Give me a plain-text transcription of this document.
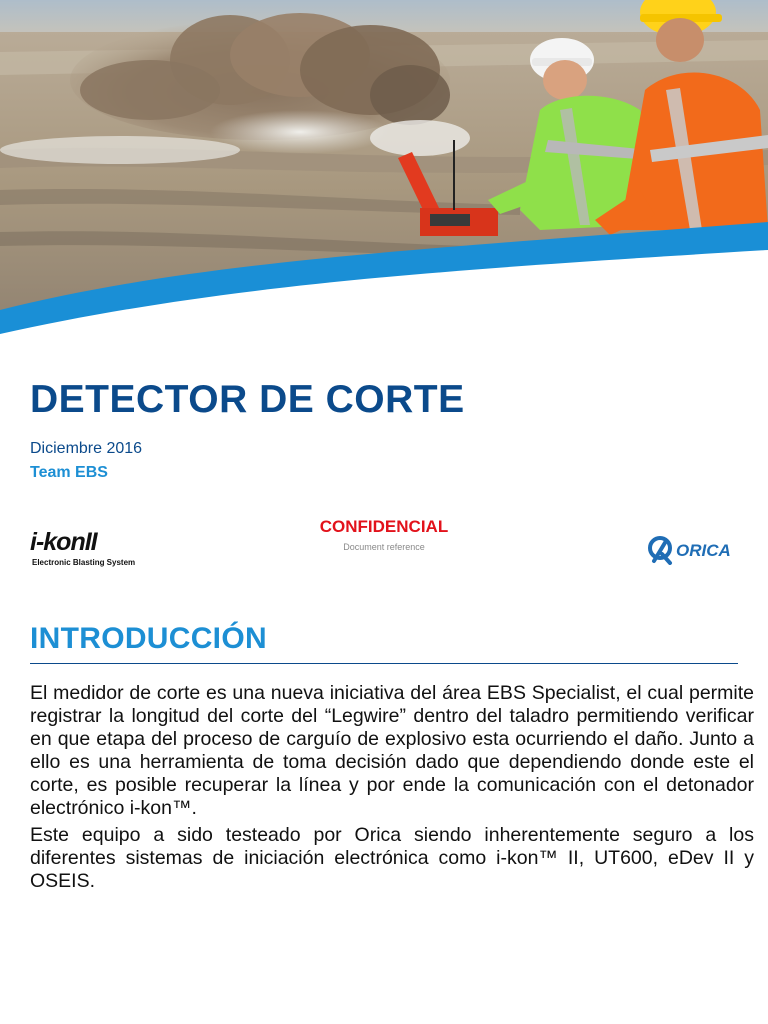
DETECTOR DE CORTE
Diciembre 2016
Team EBS
i-konII
Electronic Blasting System
CONFIDENCIAL
Document reference	ORICA
INTRODUCCIÓN

El medidor de corte es una nueva iniciativa del área EBS Specialist, el cual permite registrar la longitud del corte del “Legwire” dentro del taladro permitiendo verificar en que etapa del proceso de carguío de explosivo esta ocurriendo el daño. Junto a ello es una herramienta de toma decisión dado que dependiendo donde este el corte, es posible recuperar la línea y por ende la comunicación con el detonador electrónico i-kon™.

Este equipo a sido testeado por Orica siendo inherentemente seguro a los diferentes sistemas de iniciación electrónica como i-kon™ II, UT600, eDev II y OSEIS.
